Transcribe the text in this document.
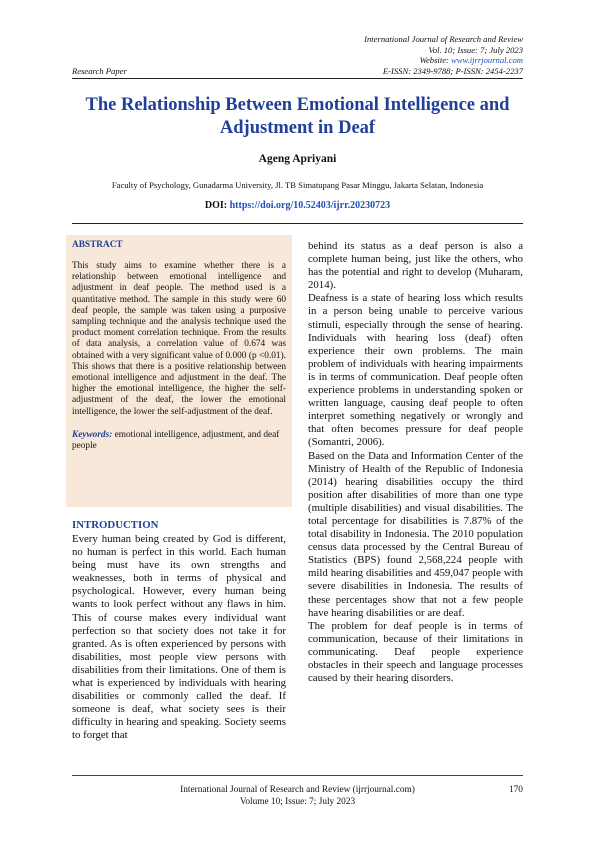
International Journal of Research and Review
Vol. 10; Issue: 7; July 2023
Website: www.ijrrjournal.com
E-ISSN: 2349-9788; P-ISSN: 2454-2237
Research Paper
The Relationship Between Emotional Intelligence and Adjustment in Deaf
Ageng Apriyani
Faculty of Psychology, Gunadarma University, Jl. TB Simatupang Pasar Minggu, Jakarta Selatan, Indonesia
DOI: https://doi.org/10.52403/ijrr.20230723
ABSTRACT

This study aims to examine whether there is a relationship between emotional intelligence and adjustment in deaf people. The method used is a quantitative method. The sample in this study were 60 deaf people, the sample was taken using a purposive sampling technique and the analysis technique used the product moment correlation technique. From the results of data analysis, a correlation value of 0.674 was obtained with a very significant value of 0.000 (p <0.01). This shows that there is a positive relationship between emotional intelligence and adjustment in the deaf. The higher the emotional intelligence, the higher the self-adjustment of the deaf, the lower the emotional intelligence, the lower the self-adjustment of the deaf.

Keywords: emotional intelligence, adjustment, and deaf people

INTRODUCTION

Every human being created by God is different, no human is perfect in this world. Each human being must have its own strengths and weaknesses, both in terms of physical and psychological. However, every human being wants to look perfect without any flaws in him. This of course makes every individual want perfection so that society does not take it for granted. As is often experienced by persons with disabilities, most people view persons with disabilities from their limitations. One of them is what is experienced by individuals with hearing disabilities or commonly called the deaf. If someone is deaf, what society sees is their difficulty in hearing and speaking. Society seems to forget that

behind its status as a deaf person is also a complete human being, just like the others, who has the potential and right to develop (Muharam, 2014).

Deafness is a state of hearing loss which results in a person being unable to perceive various stimuli, especially through the sense of hearing. Individuals with hearing loss (deaf) often experience their own problems. The main problem of individuals with hearing impairments is in terms of communication. Deaf people often experience problems in understanding spoken or written language, causing deaf people to often interpret something negatively or wrongly and that often becomes pressure for deaf people (Somantri, 2006).

Based on the Data and Information Center of the Ministry of Health of the Republic of Indonesia (2014) hearing disabilities occupy the third position after disabilities of more than one type (multiple disabilities) and visual disabilities. The total percentage for disabilities is 7.87% of the total disability in Indonesia. The 2010 population census data processed by the Central Bureau of Statistics (BPS) found 2,568,224 people with mild hearing disabilities and 459,047 people with severe disabilities in Indonesia. The results of these percentages show that not a few people have hearing disabilities or are deaf.

The problem for deaf people is in terms of communication, because of their limitations in communicating. Deaf people experience obstacles in their speech and language processes caused by their hearing disorders.

International Journal of Research and Review (ijrrjournal.com)
Volume 10; Issue: 7; July 2023
170
